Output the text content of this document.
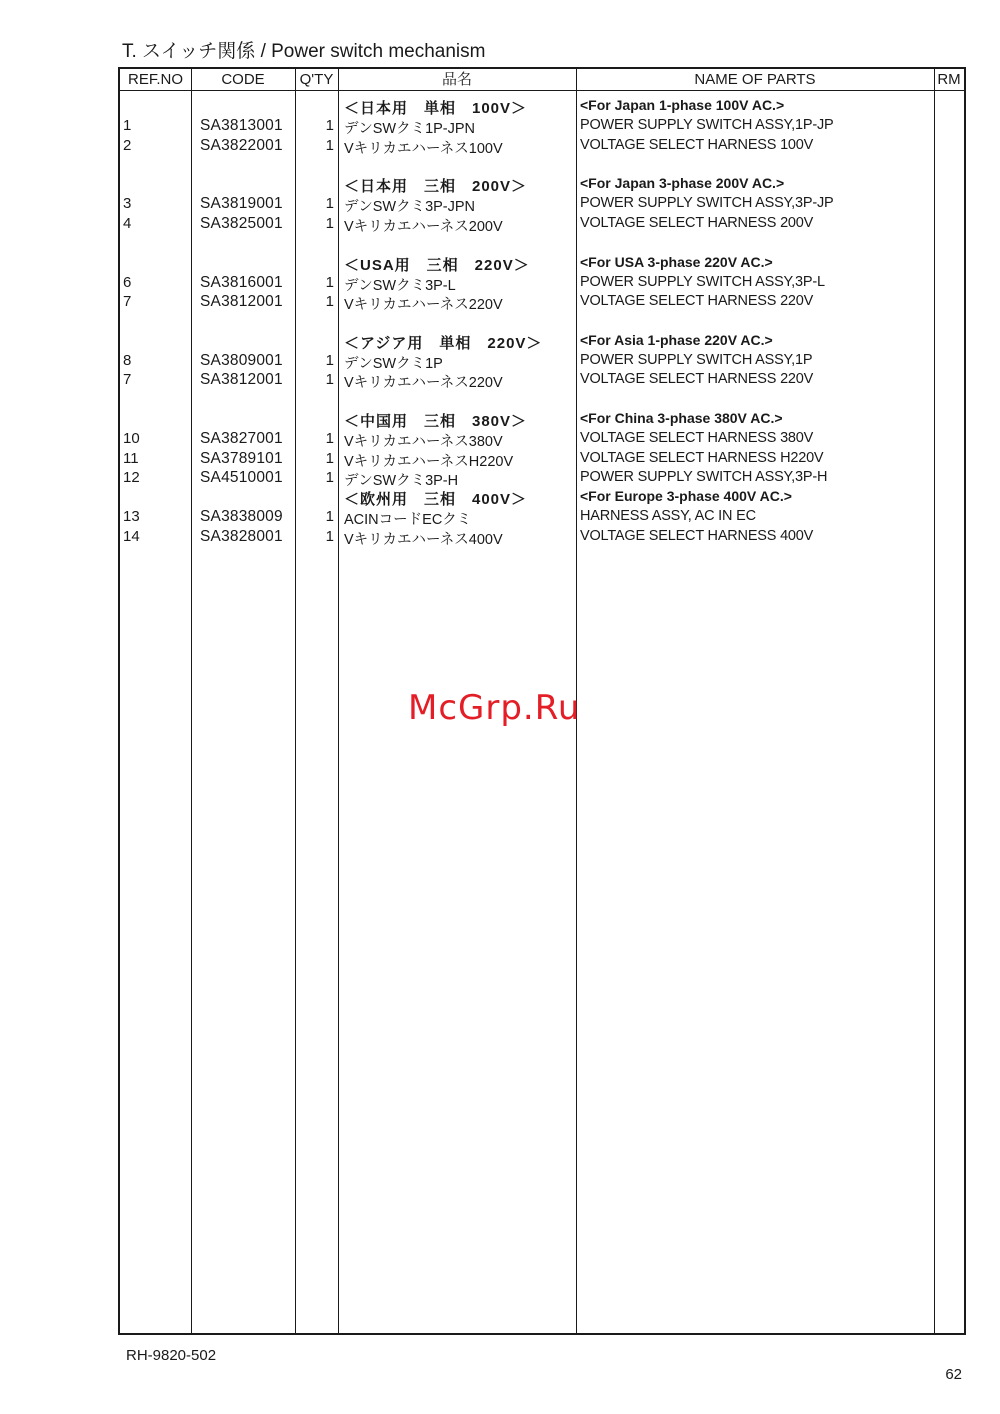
T. スイッチ関係 / Power switch mechanism
REF.NO	CODE	Q'TY	品名	NAME OF PARTS	RM
＜日本用　単相　100V＞	<For Japan 1-phase 100V AC.>
1	SA3813001	1 デンSWクミ1P-JPN	POWER SUPPLY SWITCH ASSY,1P-JP
2	SA3822001	1 Vキリカエハーネス100V	VOLTAGE SELECT HARNESS 100V
＜日本用　三相　200V＞	<For Japan 3-phase 200V AC.>
3	SA3819001	1 デンSWクミ3P-JPN	POWER SUPPLY SWITCH ASSY,3P-JP
4	SA3825001	1 Vキリカエハーネス200V	VOLTAGE SELECT HARNESS 200V
＜USA用　三相　220V＞	<For USA 3-phase 220V AC.>
6	SA3816001	1 デンSWクミ3P-L	POWER SUPPLY SWITCH ASSY,3P-L
7	SA3812001	1 Vキリカエハーネス220V	VOLTAGE SELECT HARNESS 220V
＜アジア用　単相　220V＞	<For Asia 1-phase 220V AC.>
8	SA3809001	1 デンSWクミ1P	POWER SUPPLY SWITCH ASSY,1P
7	SA3812001	1 Vキリカエハーネス220V	VOLTAGE SELECT HARNESS 220V
＜中国用　三相　380V＞	<For China 3-phase 380V AC.>
10	SA3827001	1 Vキリカエハーネス380V	VOLTAGE SELECT HARNESS 380V
11	SA3789101	1 VキリカエハーネスH220V	VOLTAGE SELECT HARNESS H220V
12	SA4510001	1 デンSWクミ3P-H	POWER SUPPLY SWITCH ASSY,3P-H
＜欧州用　三相　400V＞	<For Europe 3-phase 400V AC.>
13	SA3838009	1 ACINコードECクミ	HARNESS ASSY, AC IN EC
14	SA3828001	1 Vキリカエハーネス400V	VOLTAGE SELECT HARNESS 400V
McGrp.Ru
RH-9820-502
62
